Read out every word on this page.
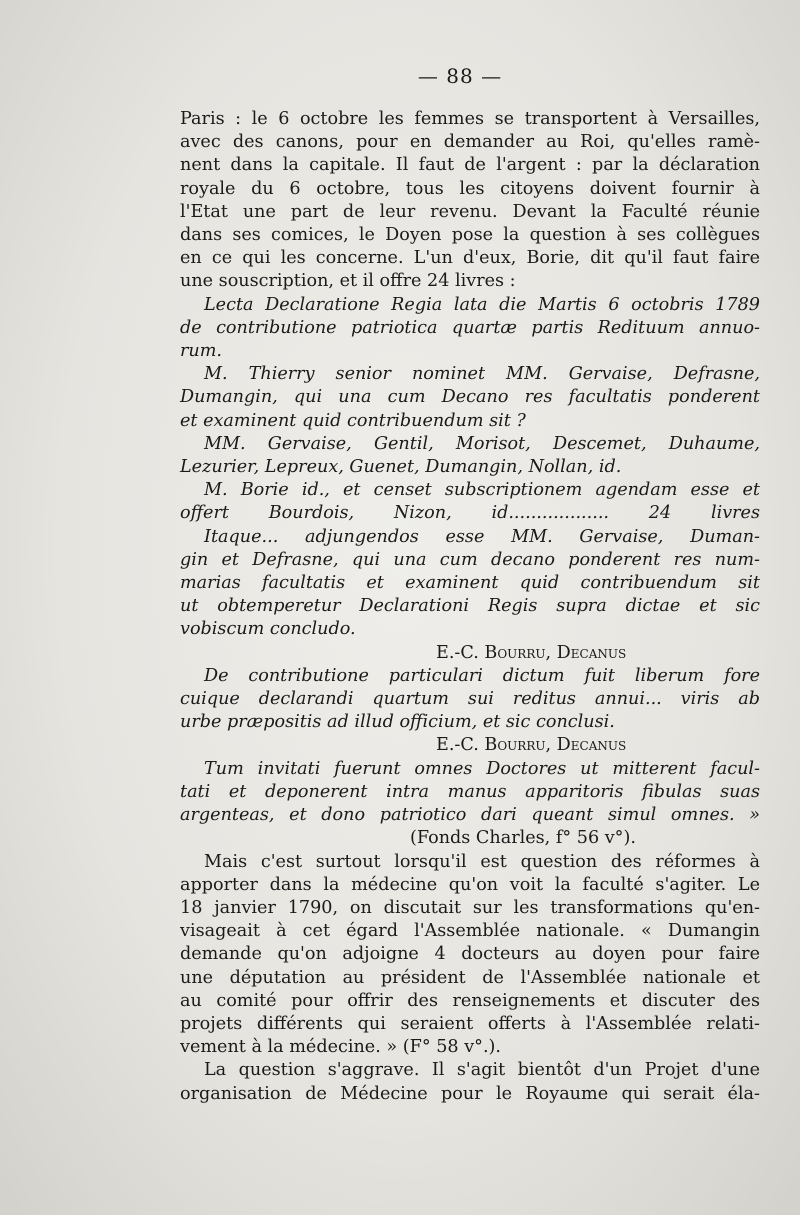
— 88 —
Paris : le 6 octobre les femmes se transportent à Versailles,
avec des canons, pour en demander au Roi, qu'elles ramè-
nent dans la capitale. Il faut de l'argent : par la déclaration
royale du 6 octobre, tous les citoyens doivent fournir à
l'Etat une part de leur revenu. Devant la Faculté réunie
dans ses comices, le Doyen pose la question à ses collègues
en ce qui les concerne. L'un d'eux, Borie, dit qu'il faut faire
une souscription, et il offre 24 livres :
Lecta Declaratione Regia lata die Martis 6 octobris 1789
de contributione patriotica quartæ partis Redituum annuo-
rum.
M. Thierry senior nominet MM. Gervaise, Defrasne,
Dumangin, qui una cum Decano res facultatis ponderent
et examinent quid contribuendum sit ?
MM. Gervaise, Gentil, Morisot, Descemet, Duhaume,
Lezurier, Lepreux, Guenet, Dumangin, Nollan, id.
M. Borie id., et censet subscriptionem agendam esse et
offert Bourdois, Nizon, id.................. 24 livres
Itaque... adjungendos esse MM. Gervaise, Duman-
gin et Defrasne, qui una cum decano ponderent res num-
marias facultatis et examinent quid contribuendum sit
ut obtemperetur Declarationi Regis supra dictae et sic
vobiscum concludo.
E.-C. Bourru, Decanus
De contributione particulari dictum fuit liberum fore
cuique declarandi quartum sui reditus annui... viris ab
urbe præpositis ad illud officium, et sic conclusi.
E.-C. Bourru, Decanus
Tum invitati fuerunt omnes Doctores ut mitterent facul-
tati et deponerent intra manus apparitoris fibulas suas
argenteas, et dono patriotico dari queant simul omnes. »
(Fonds Charles, f° 56 v°).
Mais c'est surtout lorsqu'il est question des réformes à
apporter dans la médecine qu'on voit la faculté s'agiter. Le
18 janvier 1790, on discutait sur les transformations qu'en-
visageait à cet égard l'Assemblée nationale. « Dumangin
demande qu'on adjoigne 4 docteurs au doyen pour faire
une députation au président de l'Assemblée nationale et
au comité pour offrir des renseignements et discuter des
projets différents qui seraient offerts à l'Assemblée relati-
vement à la médecine. » (F° 58 v°.).
La question s'aggrave. Il s'agit bientôt d'un Projet d'une
organisation de Médecine pour le Royaume qui serait éla-
